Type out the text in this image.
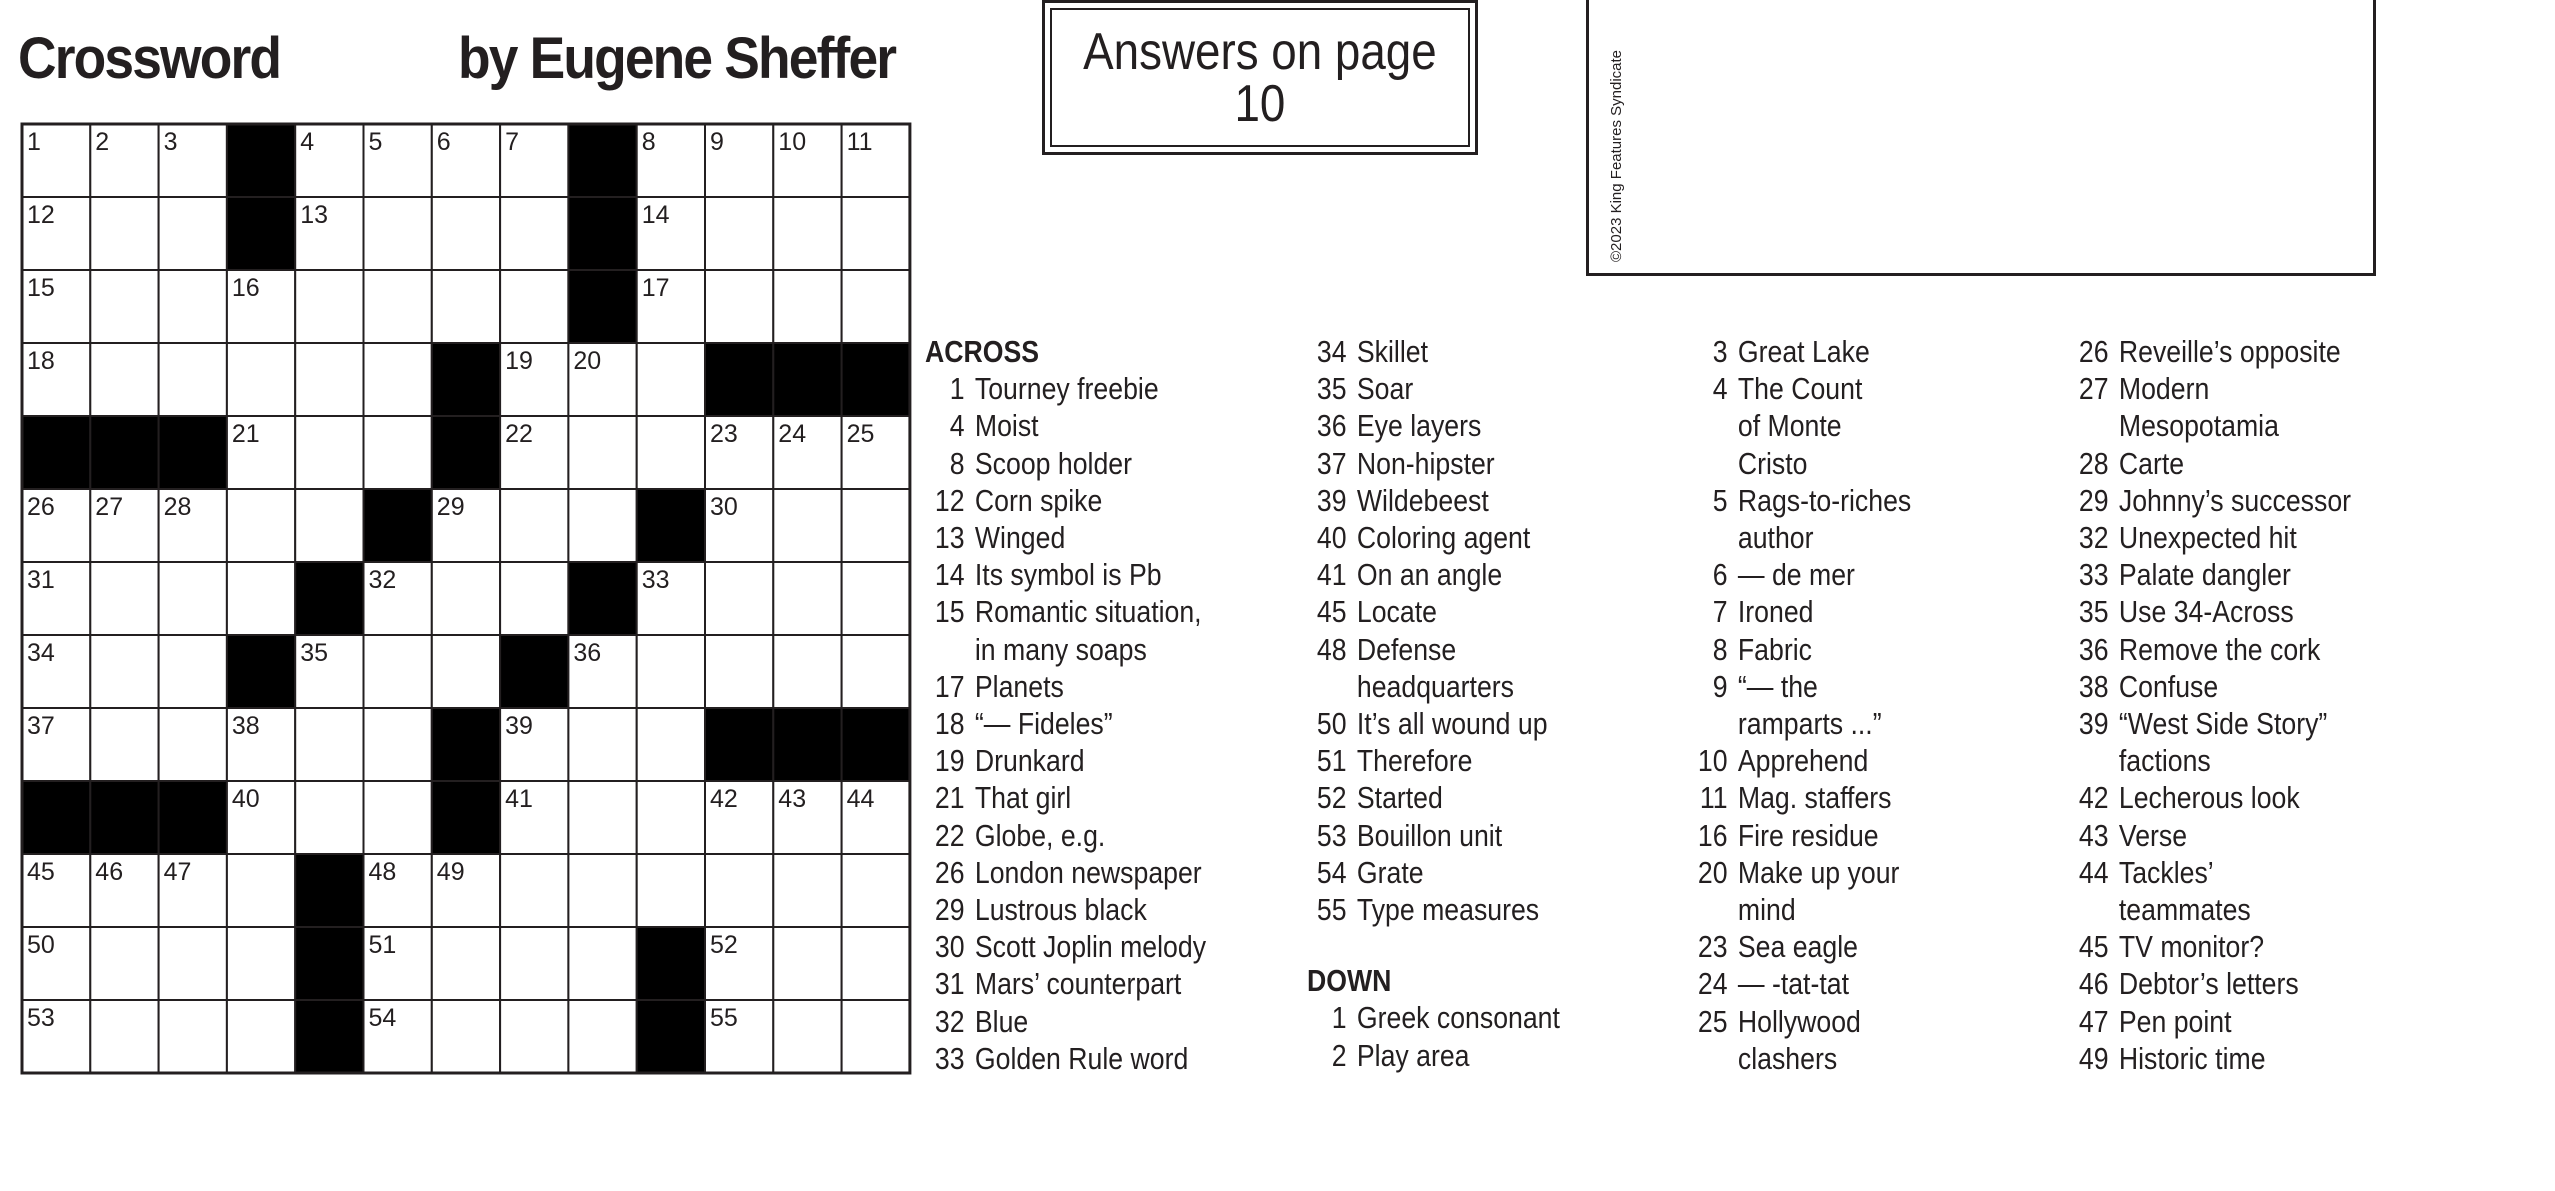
Crossword	by Eugene Sheffer	Answers on page
10	©2023 King Features Syndicate
1 2 3	4 5 6 7	8 9 10 11
12	13	14
15	16	17
18	19 20
21	22	23 24 25
26 27 28	29	30
31	32	33
34	35	36
37	38	39
40	41	42 43 44
45 46 47	48 49
50	51	52
53	54	55
ACROSS
1 Tourney freebie
4 Moist
8 Scoop holder
12 Corn spike
13 Winged
14 Its symbol is Pb
15 Romantic situation,
in many soaps
17 Planets
18 “— Fideles”
19 Drunkard
21 That girl
22 Globe, e.g.
26 London newspaper
29 Lustrous black
30 Scott Joplin melody
31 Mars’ counterpart
32 Blue
33 Golden Rule word
34 Skillet
35 Soar
36 Eye layers
37 Non-hipster
39 Wildebeest
40 Coloring agent
41 On an angle
45 Locate
48 Defense
headquarters
50 It’s all wound up
51 Therefore
52 Started
53 Bouillon unit
54 Grate
55 Type measures
DOWN
1 Greek consonant
2 Play area
3 Great Lake
4 The Count
of Monte
Cristo
5 Rags-to-riches
author
6 — de mer
7 Ironed
8 Fabric
9 “— the
ramparts ...”
10 Apprehend
11 Mag. staffers
16 Fire residue
20 Make up your
mind
23 Sea eagle
24 — -tat-tat
25 Hollywood
clashers
26 Reveille’s opposite
27 Modern
Mesopotamia
28 Carte
29 Johnny’s successor
32 Unexpected hit
33 Palate dangler
35 Use 34-Across
36 Remove the cork
38 Confuse
39 “West Side Story”
factions
42 Lecherous look
43 Verse
44 Tackles’
teammates
45 TV monitor?
46 Debtor’s letters
47 Pen point
49 Historic time
